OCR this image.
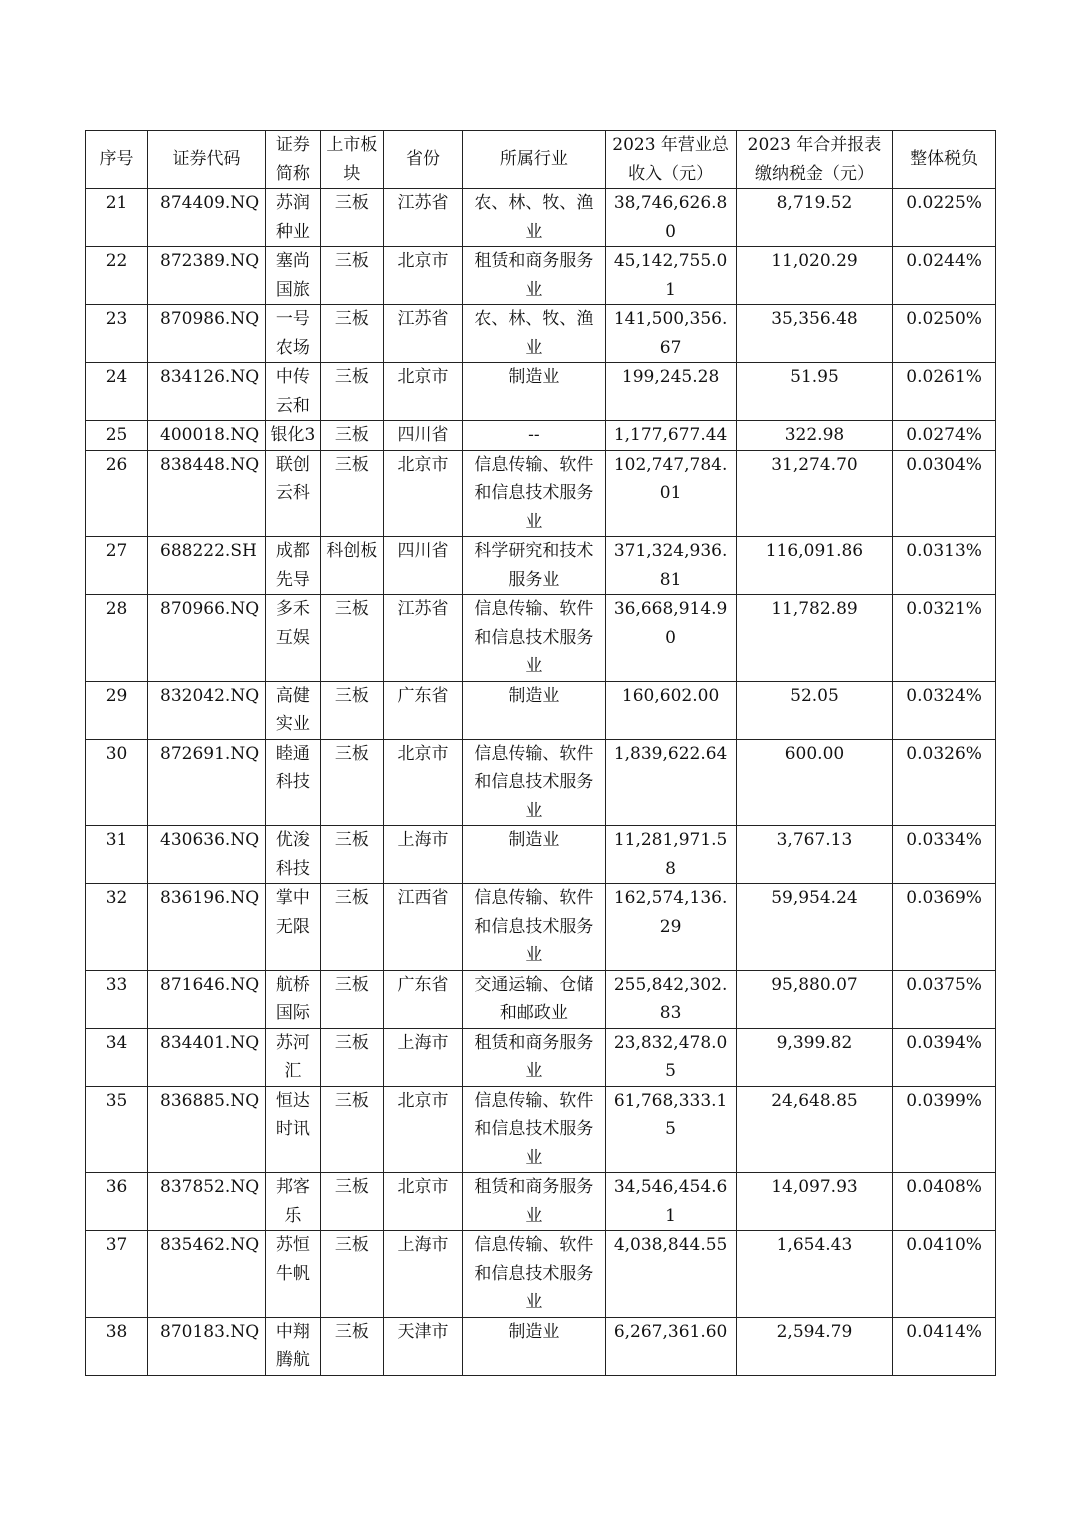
序号	证券代码	证券简称	上市板块	省份	所属行业	2023 年营业总收入（元）	2023 年合并报表缴纳税金（元）	整体税负
21	874409.NQ	苏润种业	三板	江苏省	农、林、牧、渔业	38,746,626.80	8,719.52	0.0225%
22	872389.NQ	塞尚国旅	三板	北京市	租赁和商务服务业	45,142,755.01	11,020.29	0.0244%
23	870986.NQ	一号农场	三板	江苏省	农、林、牧、渔业	141,500,356.67	35,356.48	0.0250%
24	834126.NQ	中传云和	三板	北京市	制造业	199,245.28	51.95	0.0261%
25	400018.NQ	银化3	三板	四川省	--	1,177,677.44	322.98	0.0274%
26	838448.NQ	联创云科	三板	北京市	信息传输、软件和信息技术服务业	102,747,784.01	31,274.70	0.0304%
27	688222.SH	成都先导	科创板	四川省	科学研究和技术服务业	371,324,936.81	116,091.86	0.0313%
28	870966.NQ	多禾互娱	三板	江苏省	信息传输、软件和信息技术服务业	36,668,914.90	11,782.89	0.0321%
29	832042.NQ	高健实业	三板	广东省	制造业	160,602.00	52.05	0.0324%
30	872691.NQ	睦通科技	三板	北京市	信息传输、软件和信息技术服务业	1,839,622.64	600.00	0.0326%
31	430636.NQ	优浚科技	三板	上海市	制造业	11,281,971.58	3,767.13	0.0334%
32	836196.NQ	掌中无限	三板	江西省	信息传输、软件和信息技术服务业	162,574,136.29	59,954.24	0.0369%
33	871646.NQ	航桥国际	三板	广东省	交通运输、仓储和邮政业	255,842,302.83	95,880.07	0.0375%
34	834401.NQ	苏河汇	三板	上海市	租赁和商务服务业	23,832,478.05	9,399.82	0.0394%
35	836885.NQ	恒达时讯	三板	北京市	信息传输、软件和信息技术服务业	61,768,333.15	24,648.85	0.0399%
36	837852.NQ	邦客乐	三板	北京市	租赁和商务服务业	34,546,454.61	14,097.93	0.0408%
37	835462.NQ	苏恒牛帆	三板	上海市	信息传输、软件和信息技术服务业	4,038,844.55	1,654.43	0.0410%
38	870183.NQ	中翔腾航	三板	天津市	制造业	6,267,361.60	2,594.79	0.0414%
